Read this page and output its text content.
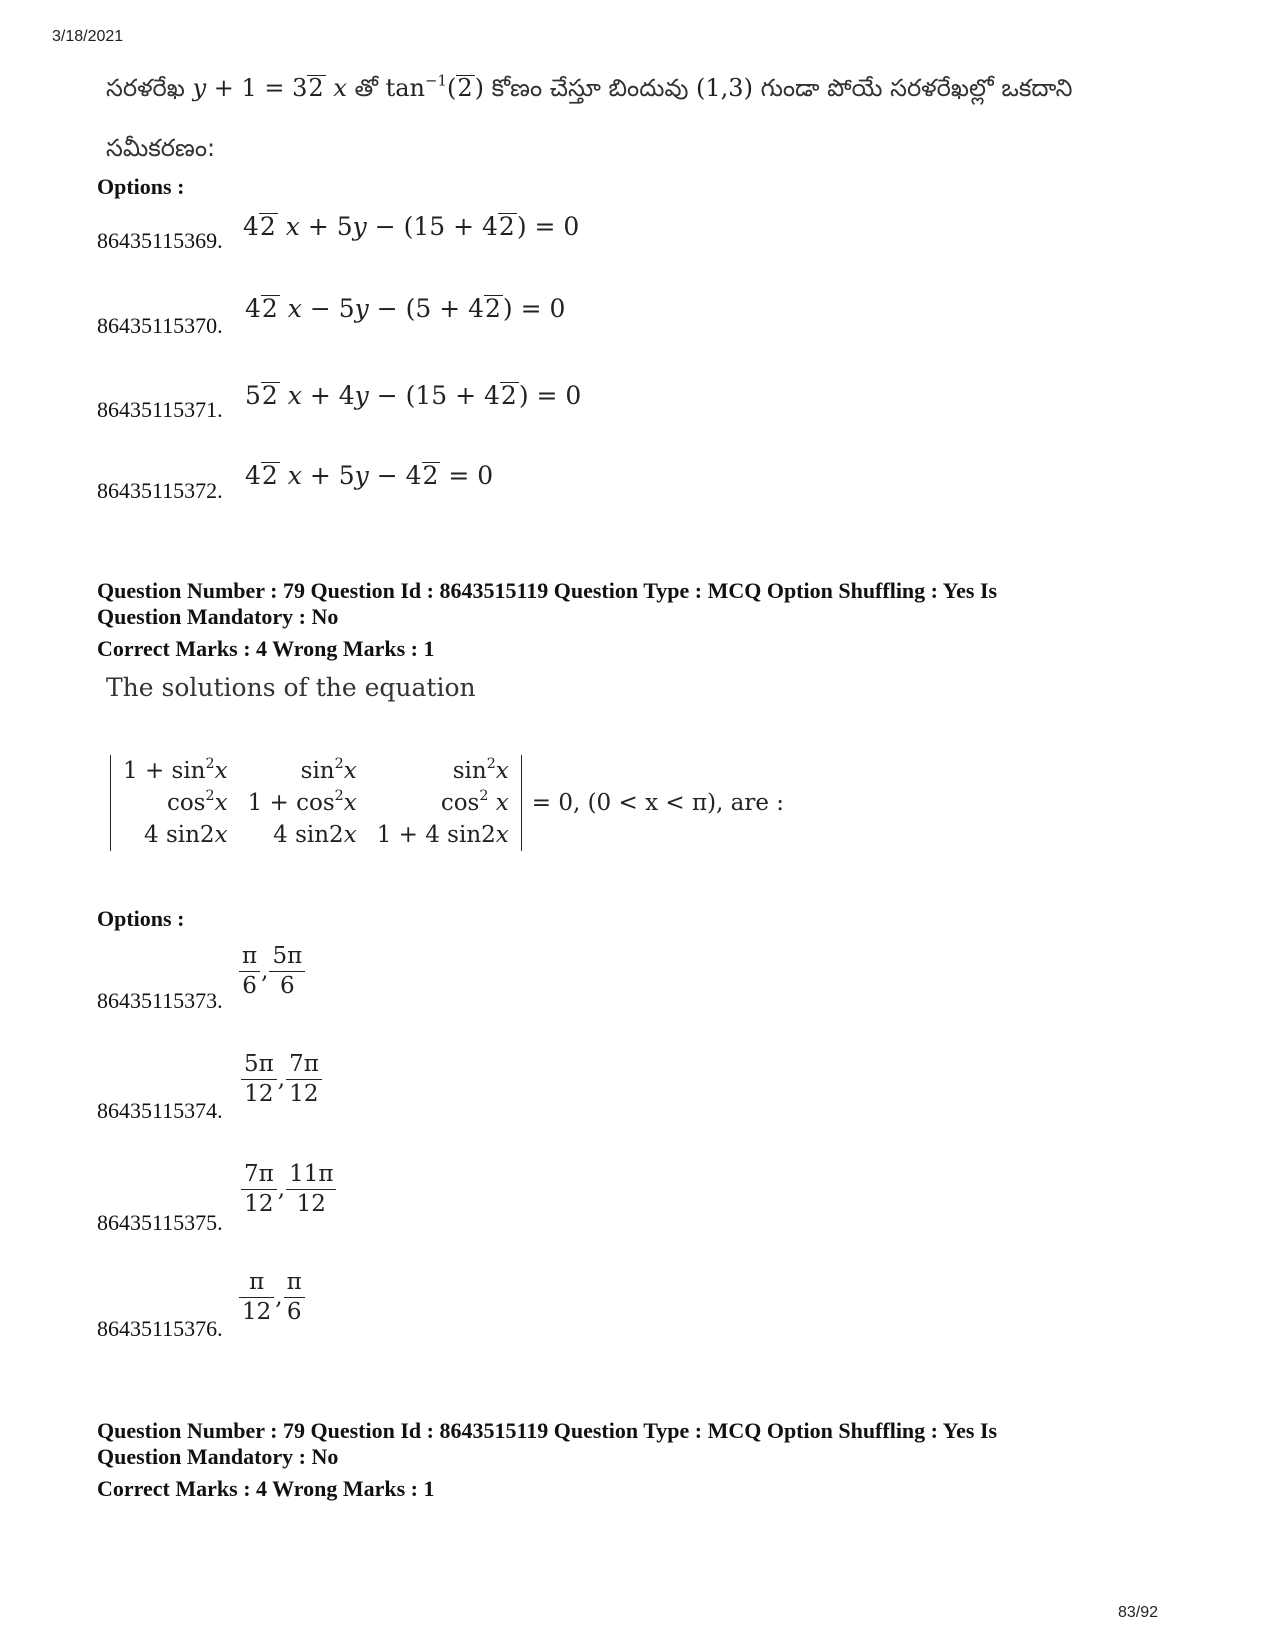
3/18/2021
సరళరేఖ y + 1 = 32 x తో $\tan^{-1}(2)$ కోణం చేస్తూ బిందువు (1,3) గుండా పోయే సరళరేఖల్లో ఒకదాని
సమీకరణం:
Options :
86435115369. 42 x + 5y − (15 + 42) = 0
86435115370.
42 x − 5y − (5 + 42) = 0
86435115371. 52 x + 4y − (15 + 42) = 0
86435115372.
42 x + 5y − 42 = 0
Question Number : 79 Question Id : 8643515119 Question Type : MCQ Option Shuffling : Yes Is
Question Mandatory : No
Correct Marks : 4 Wrong Marks : 1
The solutions of the equation
$1 + \sin^2x$	$\sin^2x$	$\sin^2x$
$\cos^2x$	$1 + \cos^2x$	$\cos^2 x$
4 sin2x	4 sin2x	1 + 4 sin2x
= 0, (0 < x < π), are :
Options :
86435115373.
$\frac{\pi}{6}$ , $\frac{5\pi}{6}$
86435115374.
$\frac{5\pi}{12}$ , $\frac{7\pi}{12}$
86435115375.
$\frac{7\pi}{12}$ , $\frac{11\pi}{12}$
86435115376.
$\frac{\pi}{12}$ , $\frac{\pi}{6}$
Question Number : 79 Question Id : 8643515119 Question Type : MCQ Option Shuffling : Yes Is
Question Mandatory : No
Correct Marks : 4 Wrong Marks : 1
83/92
